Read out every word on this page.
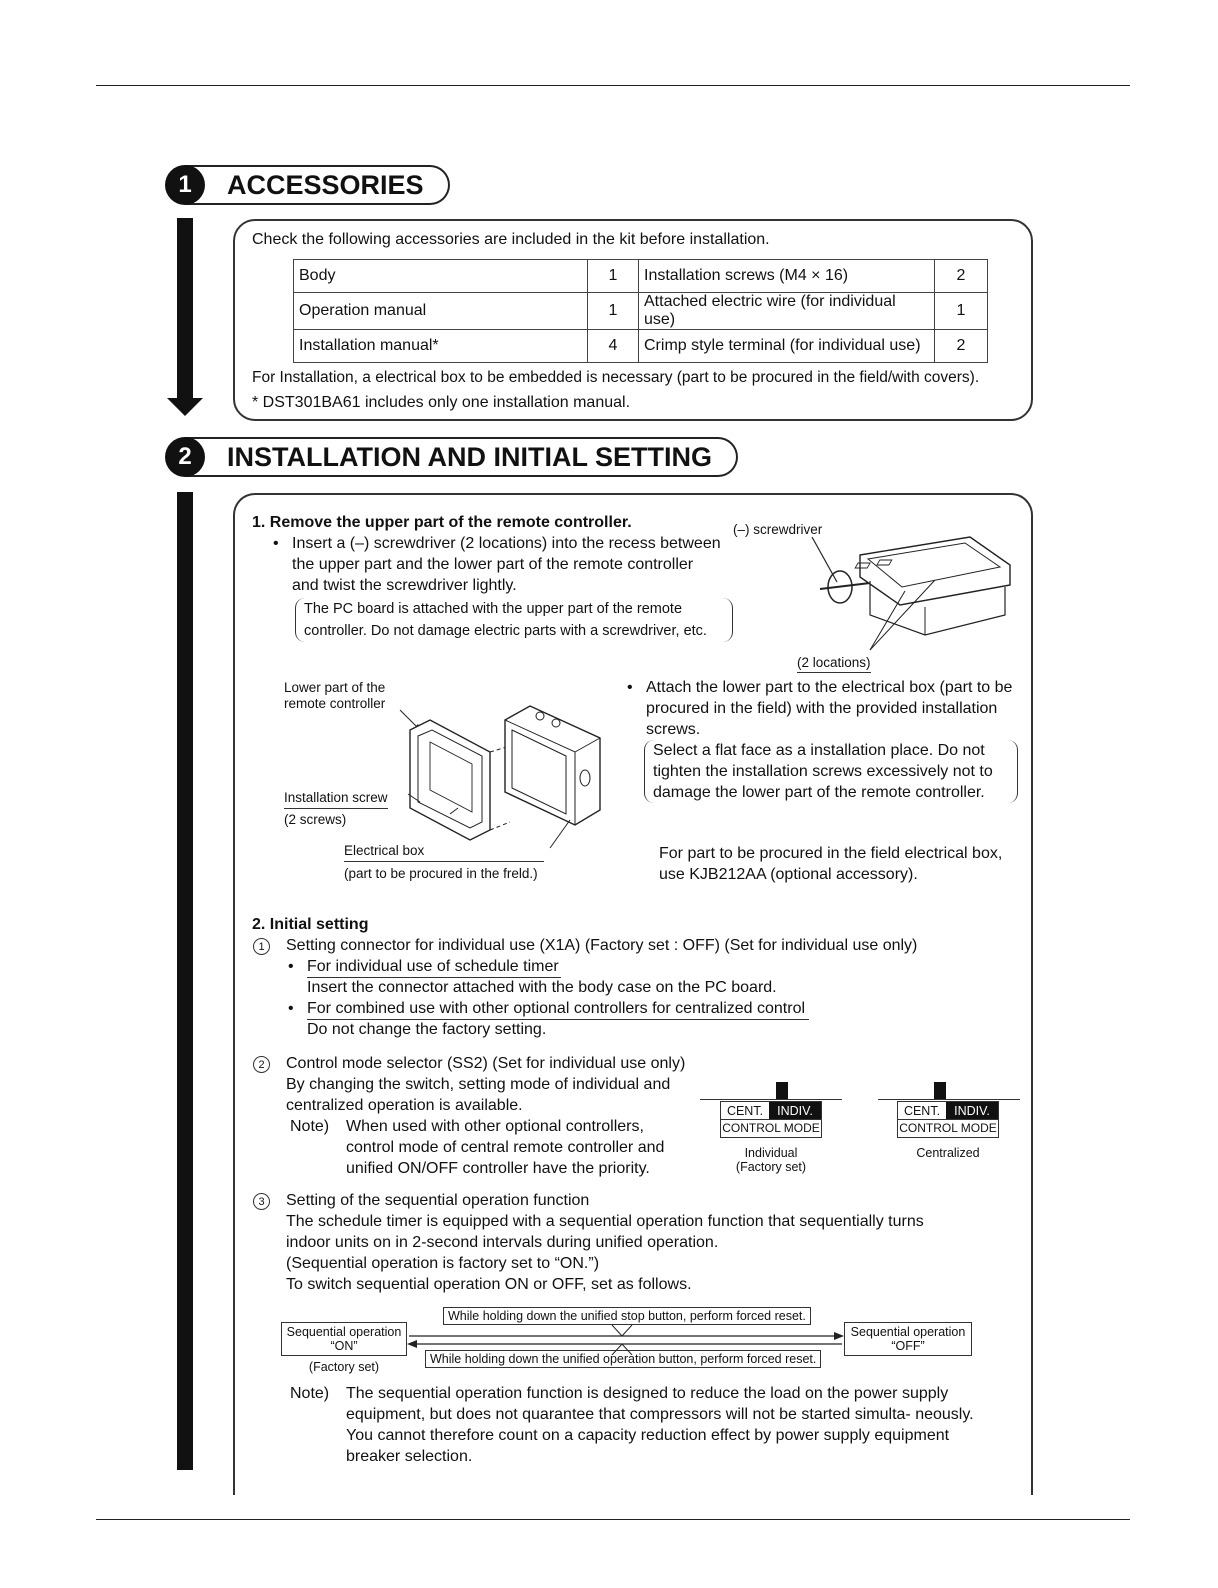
1	ACCESSORIES
Check the following accessories are included in the kit before installation.
Body	1	Installation screws (M4 × 16)	2
Operation manual	1	Attached electric wire (for individual use)	1
Installation manual*	4	Crimp style terminal (for individual use)	2
For Installation, a electrical box to be embedded is necessary (part to be procured in the field/with covers).
* DST301BA61 includes only one installation manual.
2	INSTALLATION AND INITIAL SETTING
1. Remove the upper part of the remote controller.
• Insert a (–) screwdriver (2 locations) into the recess between the upper part and the lower part of the remote controller and twist the screwdriver lightly.
The PC board is attached with the upper part of the remote controller. Do not damage electric parts with a screwdriver, etc.
(–) screwdriver
(2 locations)
Lower part of the remote controller
Installation screw
(2 screws)
Electrical box
(part to be procured in the freld.)
• Attach the lower part to the electrical box (part to be procured in the field) with the provided installation screws.
Select a flat face as a installation place. Do not tighten the installation screws excessively not to damage the lower part of the remote controller.
For part to be procured in the field electrical box, use KJB212AA (optional accessory).
2. Initial setting
1	Setting connector for individual use (X1A) (Factory set : OFF) (Set for individual use only)
• For individual use of schedule timer
Insert the connector attached with the body case on the PC board.
• For combined use with other optional controllers for centralized control
Do not change the factory setting.
2	Control mode selector (SS2) (Set for individual use only)
By changing the switch, setting mode of individual and centralized operation is available.
Note) When used with other optional controllers, control mode of central remote controller and unified ON/OFF controller have the priority.
CENT.	INDIV.
CONTROL MODE
Individual
(Factory set)
CENT.	INDIV.
CONTROL MODE
Centralized
3	Setting of the sequential operation function
The schedule timer is equipped with a sequential operation function that sequentially turns indoor units on in 2-second intervals during unified operation.
(Sequential operation is factory set to “ON.”)
To switch sequential operation ON or OFF, set as follows.
Sequential operation “ON”
(Factory set)
Sequential operation “OFF”
While holding down the unified stop button, perform forced reset.
While holding down the unified operation button, perform forced reset.
Note) The sequential operation function is designed to reduce the load on the power supply equipment, but does not quarantee that compressors will not be started simulta- neously. You cannot therefore count on a capacity reduction effect by power supply equipment breaker selection.
